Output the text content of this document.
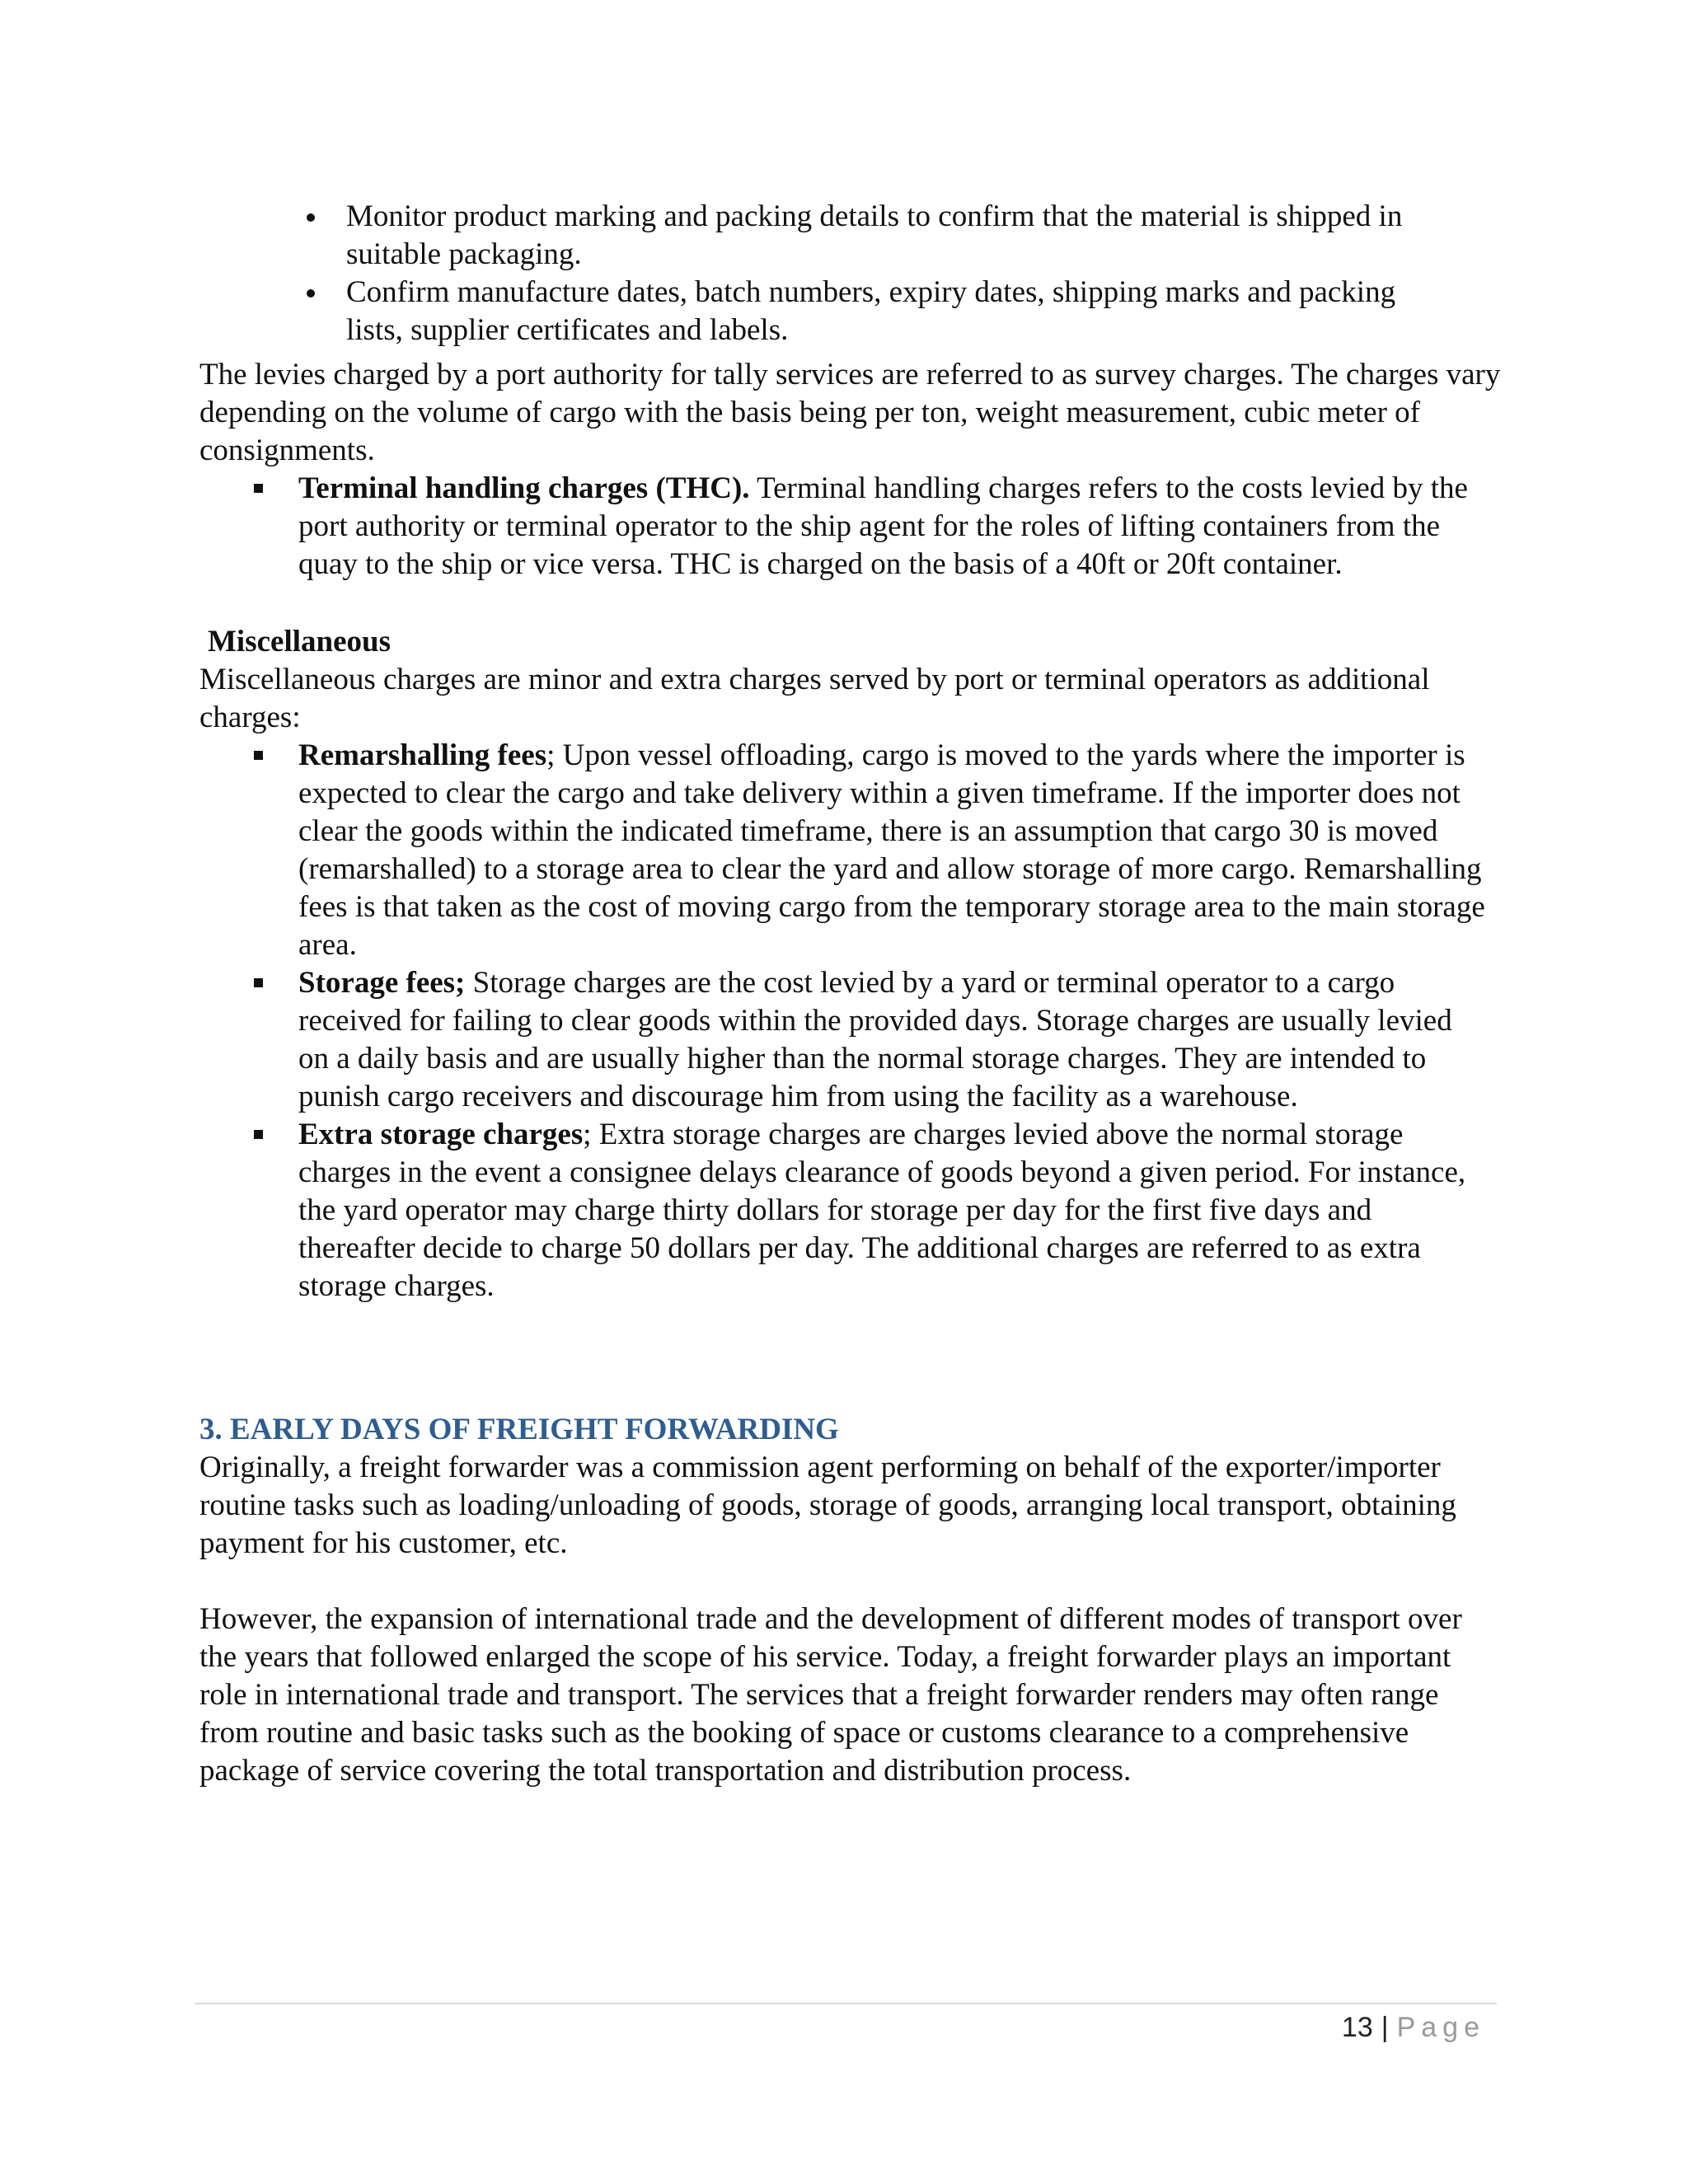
Monitor product marking and packing details to confirm that the material is shipped in suitable packaging.
Confirm manufacture dates, batch numbers, expiry dates, shipping marks and packing lists, supplier certificates and labels.

The levies charged by a port authority for tally services are referred to as survey charges. The charges vary depending on the volume of cargo with the basis being per ton, weight measurement, cubic meter of consignments.

Terminal handling charges (THC). Terminal handling charges refers to the costs levied by the port authority or terminal operator to the ship agent for the roles of lifting containers from the quay to the ship or vice versa. THC is charged on the basis of a 40ft or 20ft container.

Miscellaneous

Miscellaneous charges are minor and extra charges served by port or terminal operators as additional charges:

Remarshalling fees; Upon vessel offloading, cargo is moved to the yards where the importer is expected to clear the cargo and take delivery within a given timeframe. If the importer does not clear the goods within the indicated timeframe, there is an assumption that cargo 30 is moved (remarshalled) to a storage area to clear the yard and allow storage of more cargo. Remarshalling fees is that taken as the cost of moving cargo from the temporary storage area to the main storage area.
Storage fees; Storage charges are the cost levied by a yard or terminal operator to a cargo received for failing to clear goods within the provided days. Storage charges are usually levied on a daily basis and are usually higher than the normal storage charges. They are intended to punish cargo receivers and discourage him from using the facility as a warehouse.
Extra storage charges; Extra storage charges are charges levied above the normal storage charges in the event a consignee delays clearance of goods beyond a given period. For instance, the yard operator may charge thirty dollars for storage per day for the first five days and thereafter decide to charge 50 dollars per day. The additional charges are referred to as extra storage charges.
3. EARLY DAYS OF FREIGHT FORWARDING

Originally, a freight forwarder was a commission agent performing on behalf of the exporter/importer routine tasks such as loading/unloading of goods, storage of goods, arranging local transport, obtaining payment for his customer, etc.

However, the expansion of international trade and the development of different modes of transport over the years that followed enlarged the scope of his service. Today, a freight forwarder plays an important role in international trade and transport. The services that a freight forwarder renders may often range from routine and basic tasks such as the booking of space or customs clearance to a comprehensive package of service covering the total transportation and distribution process.

13 | Page
